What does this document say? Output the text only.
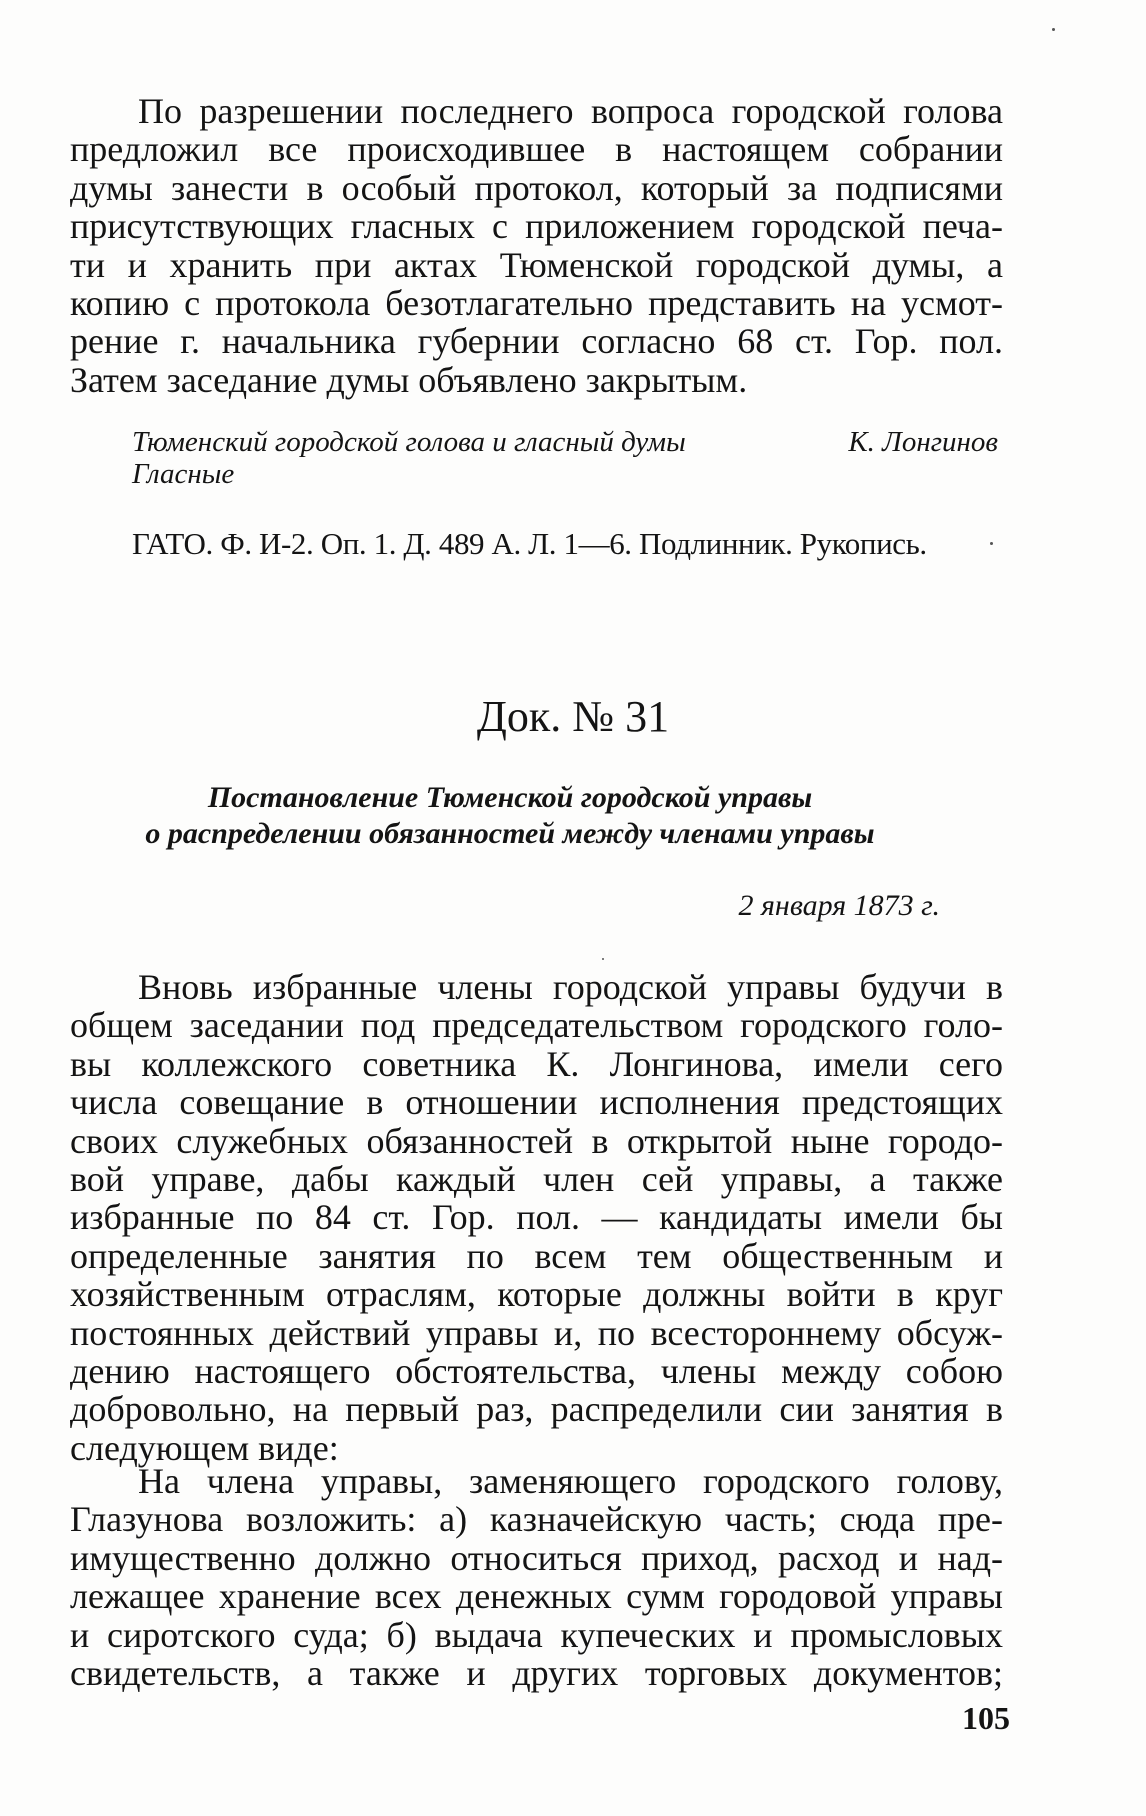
По разрешении последнего вопроса городской голова
предложил все происходившее в настоящем собрании
думы занести в особый протокол, который за подписями
присутствующих гласных с приложением городской печа-
ти и хранить при актах Тюменской городской думы, а
копию с протокола безотлагательно представить на усмот-
рение г. начальника губернии согласно 68 ст. Гор. пол.
Затем заседание думы объявлено закрытым.
Тюменский городской голова и гласный думы	К. Лонгинов
Гласные
ГАТО. Ф. И-2. Оп. 1. Д. 489 А. Л. 1—6. Подлинник. Рукопись.
Док. № 31
Постановление Тюменской городской управы
о распределении обязанностей между членами управы
2 января 1873 г.
Вновь избранные члены городской управы будучи в
общем заседании под председательством городского голо-
вы коллежского советника К. Лонгинова, имели сего
числа совещание в отношении исполнения предстоящих
своих служебных обязанностей в открытой ныне городо-
вой управе, дабы каждый член сей управы, а также
избранные по 84 ст. Гор. пол. — кандидаты имели бы
определенные занятия по всем тем общественным и
хозяйственным отраслям, которые должны войти в круг
постоянных действий управы и, по всестороннему обсуж-
дению настоящего обстоятельства, члены между собою
добровольно, на первый раз, распределили сии занятия в
следующем виде:
На члена управы, заменяющего городского голову,
Глазунова возложить: а) казначейскую часть; сюда пре-
имущественно должно относиться приход, расход и над-
лежащее хранение всех денежных сумм городовой управы
и сиротского суда; б) выдача купеческих и промысловых
свидетельств, а также и других торговых документов;
105
